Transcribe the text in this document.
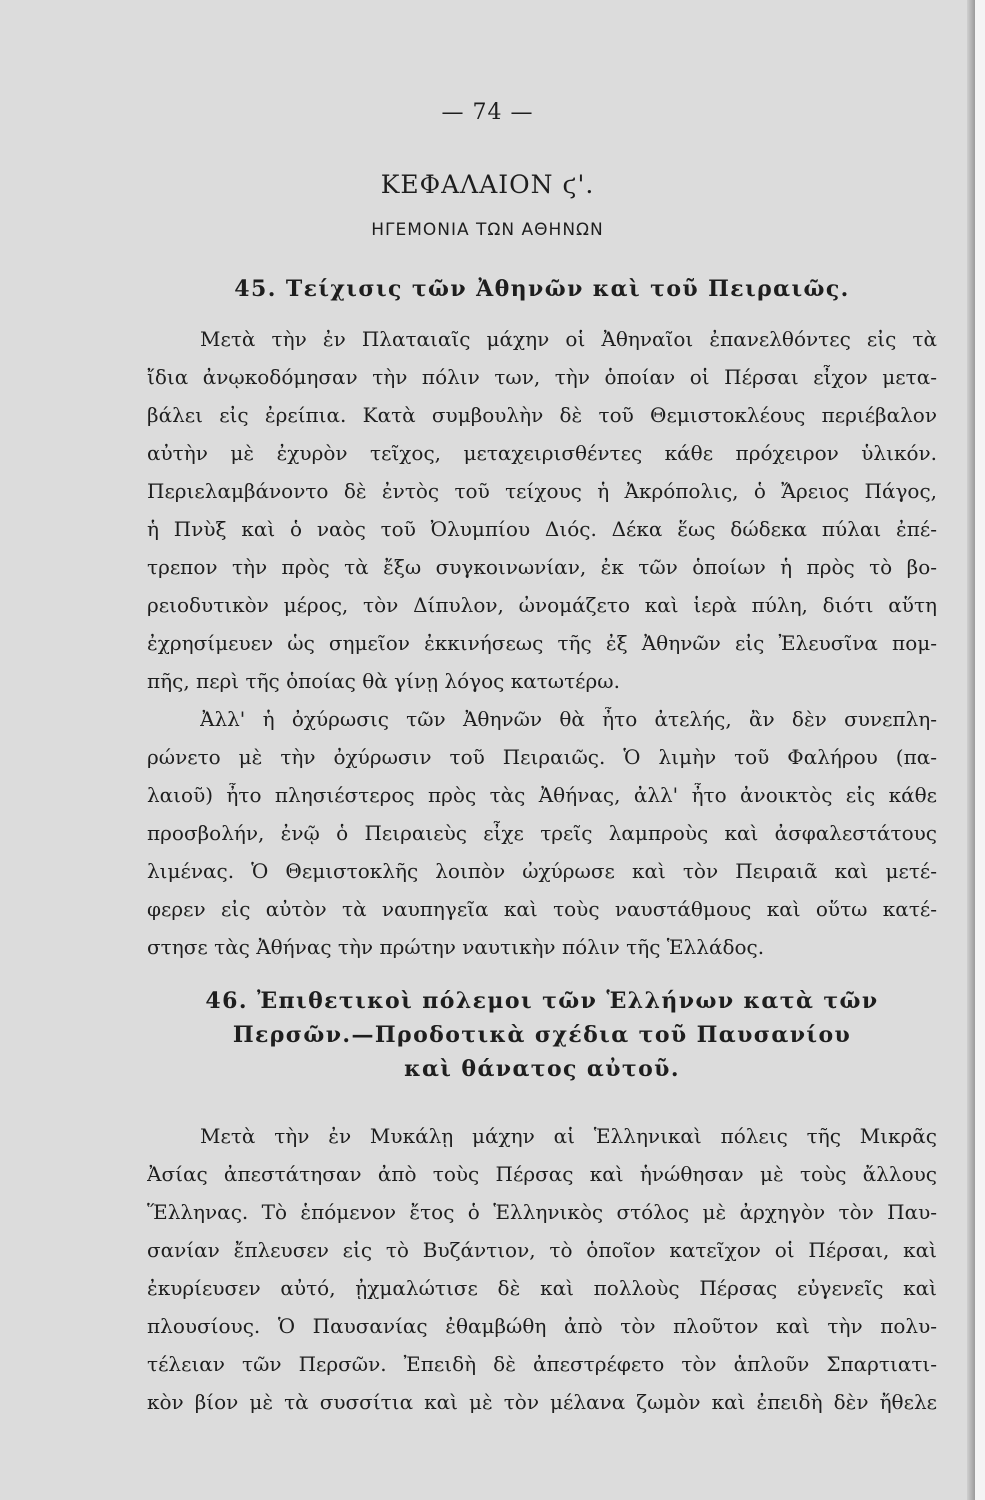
— 74 —
ΚΕΦΑΛΑΙΟΝ ϛ'.
ΗΓΕΜΟΝΙΑ ΤΩΝ ΑΘΗΝΩΝ
45. Τείχισις τῶν Ἀθηνῶν καὶ τοῦ Πειραιῶς.
Μετὰ τὴν ἐν Πλαταιαῖς μάχην οἱ Ἀθηναῖοι ἐπανελθόντες εἰς τὰ
ἴδια ἀνῳκοδόμησαν τὴν πόλιν των, τὴν ὁποίαν οἱ Πέρσαι εἶχον μετα-
βάλει εἰς ἐρείπια. Κατὰ συμβουλὴν δὲ τοῦ Θεμιστοκλέους περιέβαλον
αὐτὴν μὲ ἐχυρὸν τεῖχος, μεταχειρισθέντες κάθε πρόχειρον ὑλικόν.
Περιελαμβάνοντο δὲ ἐντὸς τοῦ τείχους ἡ Ἀκρόπολις, ὁ Ἄρειος Πάγος,
ἡ Πνὺξ καὶ ὁ ναὸς τοῦ Ὀλυμπίου Διός. Δέκα ἕως δώδεκα πύλαι ἐπέ-
τρεπον τὴν πρὸς τὰ ἔξω συγκοινωνίαν, ἐκ τῶν ὁποίων ἡ πρὸς τὸ βο-
ρειοδυτικὸν μέρος, τὸν Δίπυλον, ὠνομάζετο καὶ ἱερὰ πύλη, διότι αὕτη
ἐχρησίμευεν ὡς σημεῖον ἐκκινήσεως τῆς ἐξ Ἀθηνῶν εἰς Ἐλευσῖνα πομ-
πῆς, περὶ τῆς ὁποίας θὰ γίνῃ λόγος κατωτέρω.
Ἀλλ' ἡ ὀχύρωσις τῶν Ἀθηνῶν θὰ ἦτο ἀτελής, ἂν δὲν συνεπλη-
ρώνετο μὲ τὴν ὀχύρωσιν τοῦ Πειραιῶς. Ὁ λιμὴν τοῦ Φαλήρου (πα-
λαιοῦ) ἦτο πλησιέστερος πρὸς τὰς Ἀθήνας, ἀλλ' ἦτο ἀνοικτὸς εἰς κάθε
προσβολήν, ἐνῷ ὁ Πειραιεὺς εἶχε τρεῖς λαμπροὺς καὶ ἀσφαλεστάτους
λιμένας. Ὁ Θεμιστοκλῆς λοιπὸν ὠχύρωσε καὶ τὸν Πειραιᾶ καὶ μετέ-
φερεν εἰς αὐτὸν τὰ ναυπηγεῖα καὶ τοὺς ναυστάθμους καὶ οὕτω κατέ-
στησε τὰς Ἀθήνας τὴν πρώτην ναυτικὴν πόλιν τῆς Ἑλλάδος.
46. Ἐπιθετικοὶ πόλεμοι τῶν Ἑλλήνων κατὰ τῶν
Περσῶν.—Προδοτικὰ σχέδια τοῦ Παυσανίου
καὶ θάνατος αὐτοῦ.
Μετὰ τὴν ἐν Μυκάλῃ μάχην αἱ Ἑλληνικαὶ πόλεις τῆς Μικρᾶς
Ἀσίας ἀπεστάτησαν ἀπὸ τοὺς Πέρσας καὶ ἡνώθησαν μὲ τοὺς ἄλλους
Ἕλληνας. Τὸ ἑπόμενον ἔτος ὁ Ἑλληνικὸς στόλος μὲ ἀρχηγὸν τὸν Παυ-
σανίαν ἔπλευσεν εἰς τὸ Βυζάντιον, τὸ ὁποῖον κατεῖχον οἱ Πέρσαι, καὶ
ἐκυρίευσεν αὐτό, ᾐχμαλώτισε δὲ καὶ πολλοὺς Πέρσας εὐγενεῖς καὶ
πλουσίους. Ὁ Παυσανίας ἐθαμβώθη ἀπὸ τὸν πλοῦτον καὶ τὴν πολυ-
τέλειαν τῶν Περσῶν. Ἐπειδὴ δὲ ἀπεστρέφετο τὸν ἁπλοῦν Σπαρτιατι-
κὸν βίον μὲ τὰ συσσίτια καὶ μὲ τὸν μέλανα ζωμὸν καὶ ἐπειδὴ δὲν ἤθελε
